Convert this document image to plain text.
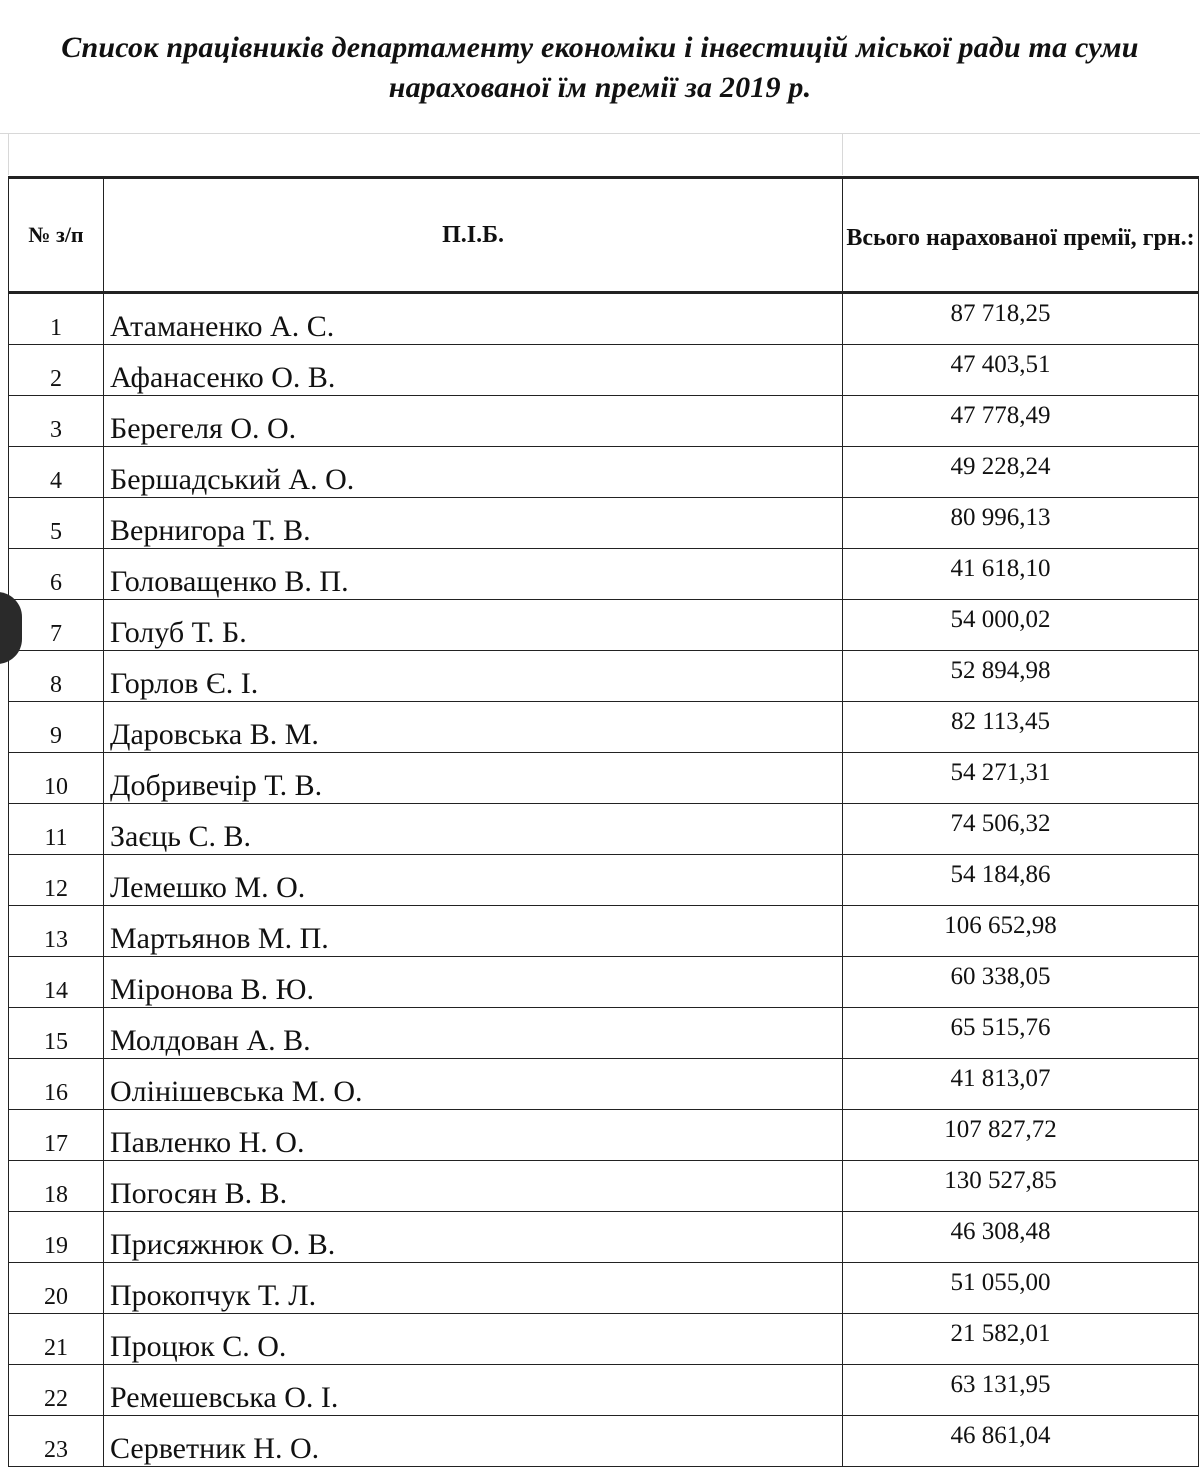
Список працівників департаменту економіки і інвестицій міської ради та суми
нарахованої їм премії за 2019 р.
№ з/п	П.І.Б.	Всього нарахованої премії, грн.:
1	Атаманенко А. С.	87 718,25
2	Афанасенко О. В.	47 403,51
3	Берегеля О. О.	47 778,49
4	Бершадський А. О.	49 228,24
5	Вернигора Т. В.	80 996,13
6	Головащенко В. П.	41 618,10
7	Голуб Т. Б.	54 000,02
8	Горлов Є. І.	52 894,98
9	Даровська В. М.	82 113,45
10	Добривечір Т. В.	54 271,31
11	Заєць С. В.	74 506,32
12	Лемешко М. О.	54 184,86
13	Мартьянов М. П.	106 652,98
14	Міронова В. Ю.	60 338,05
15	Молдован А. В.	65 515,76
16	Олінішевська М. О.	41 813,07
17	Павленко Н. О.	107 827,72
18	Погосян В. В.	130 527,85
19	Присяжнюк О. В.	46 308,48
20	Прокопчук Т. Л.	51 055,00
21	Процюк С. О.	21 582,01
22	Ремешевська О. І.	63 131,95
23	Серветник Н. О.	46 861,04
